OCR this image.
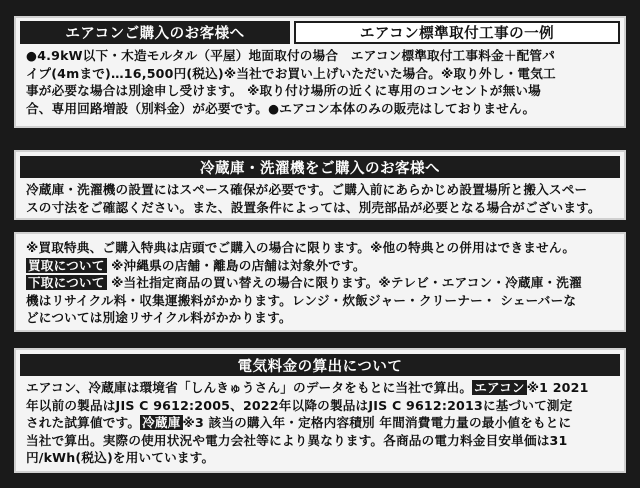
エアコンご購入のお客様へ	エアコン標準取付工事の一例
●4.9kW以下・木造モルタル（平屋）地面取付の場合　エアコン標準取付工事料金＋配管パ
イプ(4mまで)…16,500円(税込)※当社でお買い上げいただいた場合。※取り外し・電気工
事が必要な場合は別途申し受けます。 ※取り付け場所の近くに専用のコンセントが無い場
合、専用回路増設（別料金）が必要です。●エアコン本体のみの販売はしておりません。
冷蔵庫・洗濯機をご購入のお客様へ
冷蔵庫・洗濯機の設置にはスペース確保が必要です。ご購入前にあらかじめ設置場所と搬入スペー
スの寸法をご確認ください。また、設置条件によっては、別売部品が必要となる場合がございます。
※買取特典、ご購入特典は店頭でご購入の場合に限ります。※他の特典との併用はできません。
買取について ※沖縄県の店舗・離島の店舗は対象外です。
下取について ※当社指定商品の買い替えの場合に限ります。※テレビ・エアコン・冷蔵庫・洗濯
機はリサイクル料・収集運搬料がかかります。レンジ・炊飯ジャー・クリーナー・ シェーバーな
どについては別途リサイクル料がかかります。
電気料金の算出について
エアコン、冷蔵庫は環境省「しんきゅうさん」のデータをもとに当社で算出。 エアコン ※1 2021
年以前の製品はJIS C 9612:2005、2022年以降の製品はJIS C 9612:2013に基づいて測定
された試算値です。 冷蔵庫 ※3 該当の購入年・定格内容積別 年間消費電力量の最小値をもとに
当社で算出。実際の使用状況や電力会社等により異なります。各商品の電力料金目安単価は31
円/kWh(税込)を用いています。
